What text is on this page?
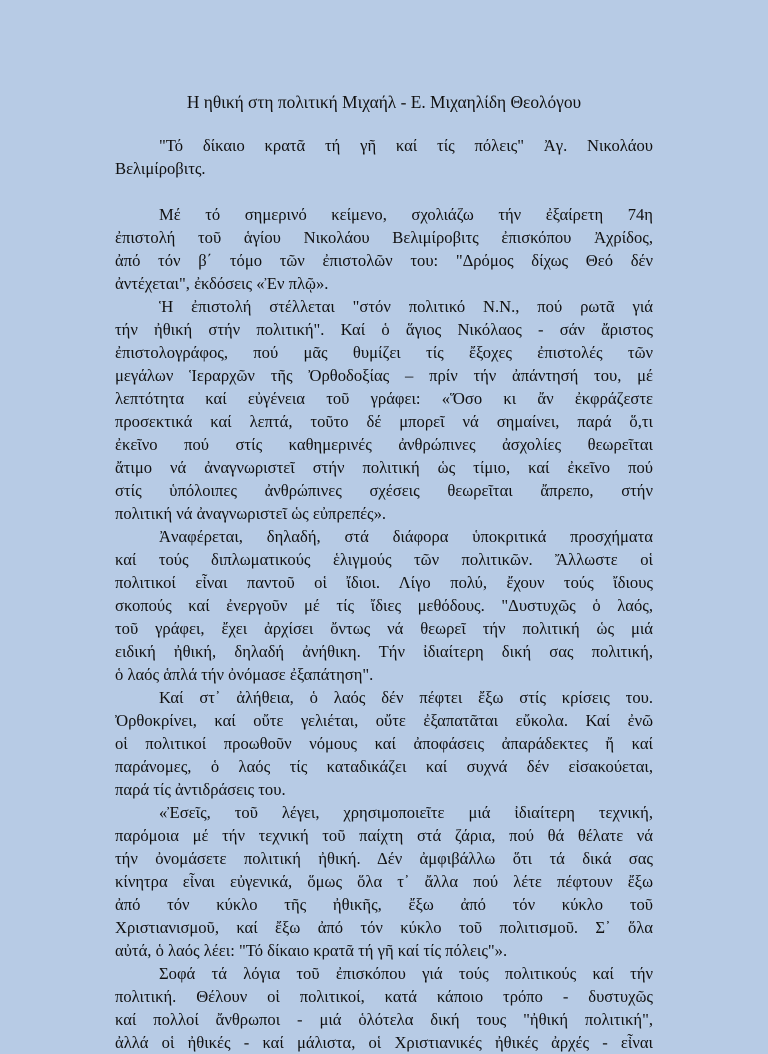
Η ηθική στη πολιτική Μιχαήλ - Ε. Μιχαηλίδη Θεολόγου
"Τό δίκαιο κρατᾶ τή γῆ καί τίς πόλεις" Ἀγ. Νικολάου
Βελιμίροβιτς.
Μέ τό σημερινό κείμενο, σχολιάζω τήν ἐξαίρετη 74η
ἐπιστολή τοῦ ἁγίου Νικολάου Βελιμίροβιτς ἐπισκόπου Ἀχρίδος,
ἀπό τόν β΄ τόμο τῶν ἐπιστολῶν του: "Δρόμος δίχως Θεό δέν
ἀντέχεται", ἐκδόσεις «Ἐν πλῷ».
Ἡ ἐπιστολή στέλλεται "στόν πολιτικό Ν.Ν., πού ρωτᾶ γιά
τήν ἠθική στήν πολιτική". Καί ὁ ἅγιος Νικόλαος - σάν ἄριστος
ἐπιστολογράφος, πού μᾶς θυμίζει τίς ἔξοχες ἐπιστολές τῶν
μεγάλων Ἱεραρχῶν τῆς Ὀρθοδοξίας – πρίν τήν ἀπάντησή του, μέ
λεπτότητα καί εὐγένεια τοῦ γράφει: «Ὅσο κι ἄν ἐκφράζεστε
προσεκτικά καί λεπτά, τοῦτο δέ μπορεῖ νά σημαίνει, παρά ὅ,τι
ἐκεῖνο πού στίς καθημερινές ἀνθρώπινες ἀσχολίες θεωρεῖται
ἄτιμο νά ἀναγνωριστεῖ στήν πολιτική ὡς τίμιο, καί ἐκεῖνο πού
στίς ὑπόλοιπες ἀνθρώπινες σχέσεις θεωρεῖται ἄπρεπο, στήν
πολιτική νά ἀναγνωριστεῖ ὡς εὐπρεπές».
Ἀναφέρεται, δηλαδή, στά διάφορα ὑποκριτικά προσχήματα
καί τούς διπλωματικούς ἑλιγμούς τῶν πολιτικῶν. Ἄλλωστε οἱ
πολιτικοί εἶναι παντοῦ οἱ ἴδιοι. Λίγο πολύ, ἔχουν τούς ἴδιους
σκοπούς καί ἐνεργοῦν μέ τίς ἴδιες μεθόδους. "Δυστυχῶς ὁ λαός,
τοῦ γράφει, ἔχει ἀρχίσει ὄντως νά θεωρεῖ τήν πολιτική ὡς μιά
ειδική ἠθική, δηλαδή ἀνήθικη. Τήν ἰδιαίτερη δική σας πολιτική,
ὁ λαός ἁπλά τήν ὀνόμασε ἐξαπάτηση".
Καί στ᾽ ἀλήθεια, ὁ λαός δέν πέφτει ἔξω στίς κρίσεις του.
Ὀρθοκρίνει, καί οὔτε γελιέται, οὔτε ἐξαπατᾶται εὔκολα. Καί ἐνῶ
οἱ πολιτικοί προωθοῦν νόμους καί ἀποφάσεις ἀπαράδεκτες ἤ καί
παράνομες, ὁ λαός τίς καταδικάζει καί συχνά δέν εἰσακούεται,
παρά τίς ἀντιδράσεις του.
«Ἐσεῖς, τοῦ λέγει, χρησιμοποιεῖτε μιά ἰδιαίτερη τεχνική,
παρόμοια μέ τήν τεχνική τοῦ παίχτη στά ζάρια, πού θά θέλατε νά
τήν ὀνομάσετε πολιτική ἠθική. Δέν ἀμφιβάλλω ὅτι τά δικά σας
κίνητρα εἶναι εὐγενικά, ὅμως ὅλα τ᾽ ἄλλα πού λέτε πέφτουν ἔξω
ἀπό τόν κύκλο τῆς ἠθικῆς, ἔξω ἀπό τόν κύκλο τοῦ
Χριστιανισμοῦ, καί ἔξω ἀπό τόν κύκλο τοῦ πολιτισμοῦ. Σ᾽ ὅλα
αὐτά, ὁ λαός λέει: "Τό δίκαιο κρατᾶ τή γῆ καί τίς πόλεις"».
Σοφά τά λόγια τοῦ ἐπισκόπου γιά τούς πολιτικούς καί τήν
πολιτική. Θέλουν οἱ πολιτικοί, κατά κάποιο τρόπο - δυστυχῶς
καί πολλοί ἄνθρωποι - μιά ὁλότελα δική τους "ἠθική πολιτική",
ἀλλά οἱ ἠθικές - καί μάλιστα, οἱ Χριστιανικές ἠθικές ἀρχές - εἶναι
